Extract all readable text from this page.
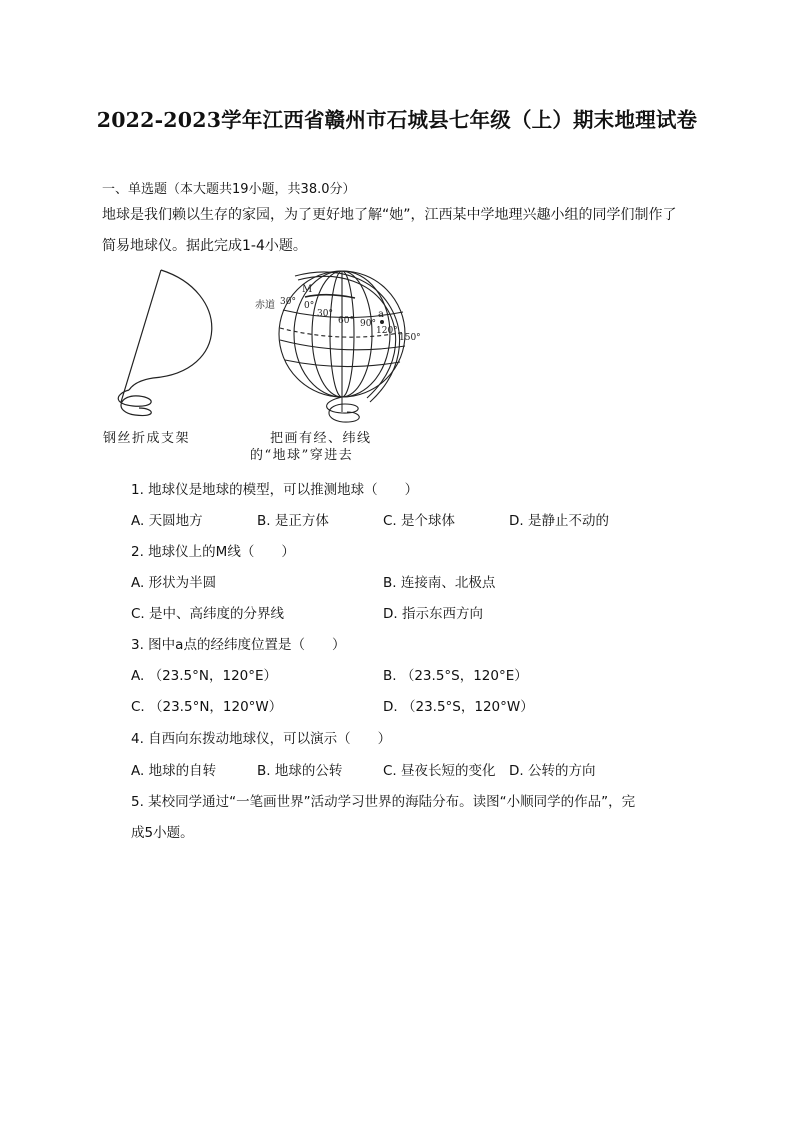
2022-2023学年江西省赣州市石城县七年级（上）期末地理试卷
一、单选题（本大题共19小题，共38.0分）
地球是我们赖以生存的家园，为了更好地了解“她”，江西某中学地理兴趣小组的同学们制作了
简易地球仪。据此完成1-4小题。
赤道
M
a
30° 0°
30°
60° 90°
120°
150°
钢丝折成支架	把画有经、纬线
的“地球”穿进去
1. 地球仪是地球的模型，可以推测地球（　　）
A. 天圆地方	B. 是正方体	C. 是个球体	D. 是静止不动的
2. 地球仪上的M线（　　）
A. 形状为半圆	B. 连接南、北极点
C. 是中、高纬度的分界线	D. 指示东西方向
3. 图中a点的经纬度位置是（　　）
A. （23.5°N，120°E）	B. （23.5°S，120°E）
C. （23.5°N，120°W）	D. （23.5°S，120°W）
4. 自西向东拨动地球仪，可以演示（　　）
A. 地球的自转	B. 地球的公转	C. 昼夜长短的变化 D. 公转的方向
5. 某校同学通过“一笔画世界”活动学习世界的海陆分布。读图“小顺同学的作品”，完
成5小题。
